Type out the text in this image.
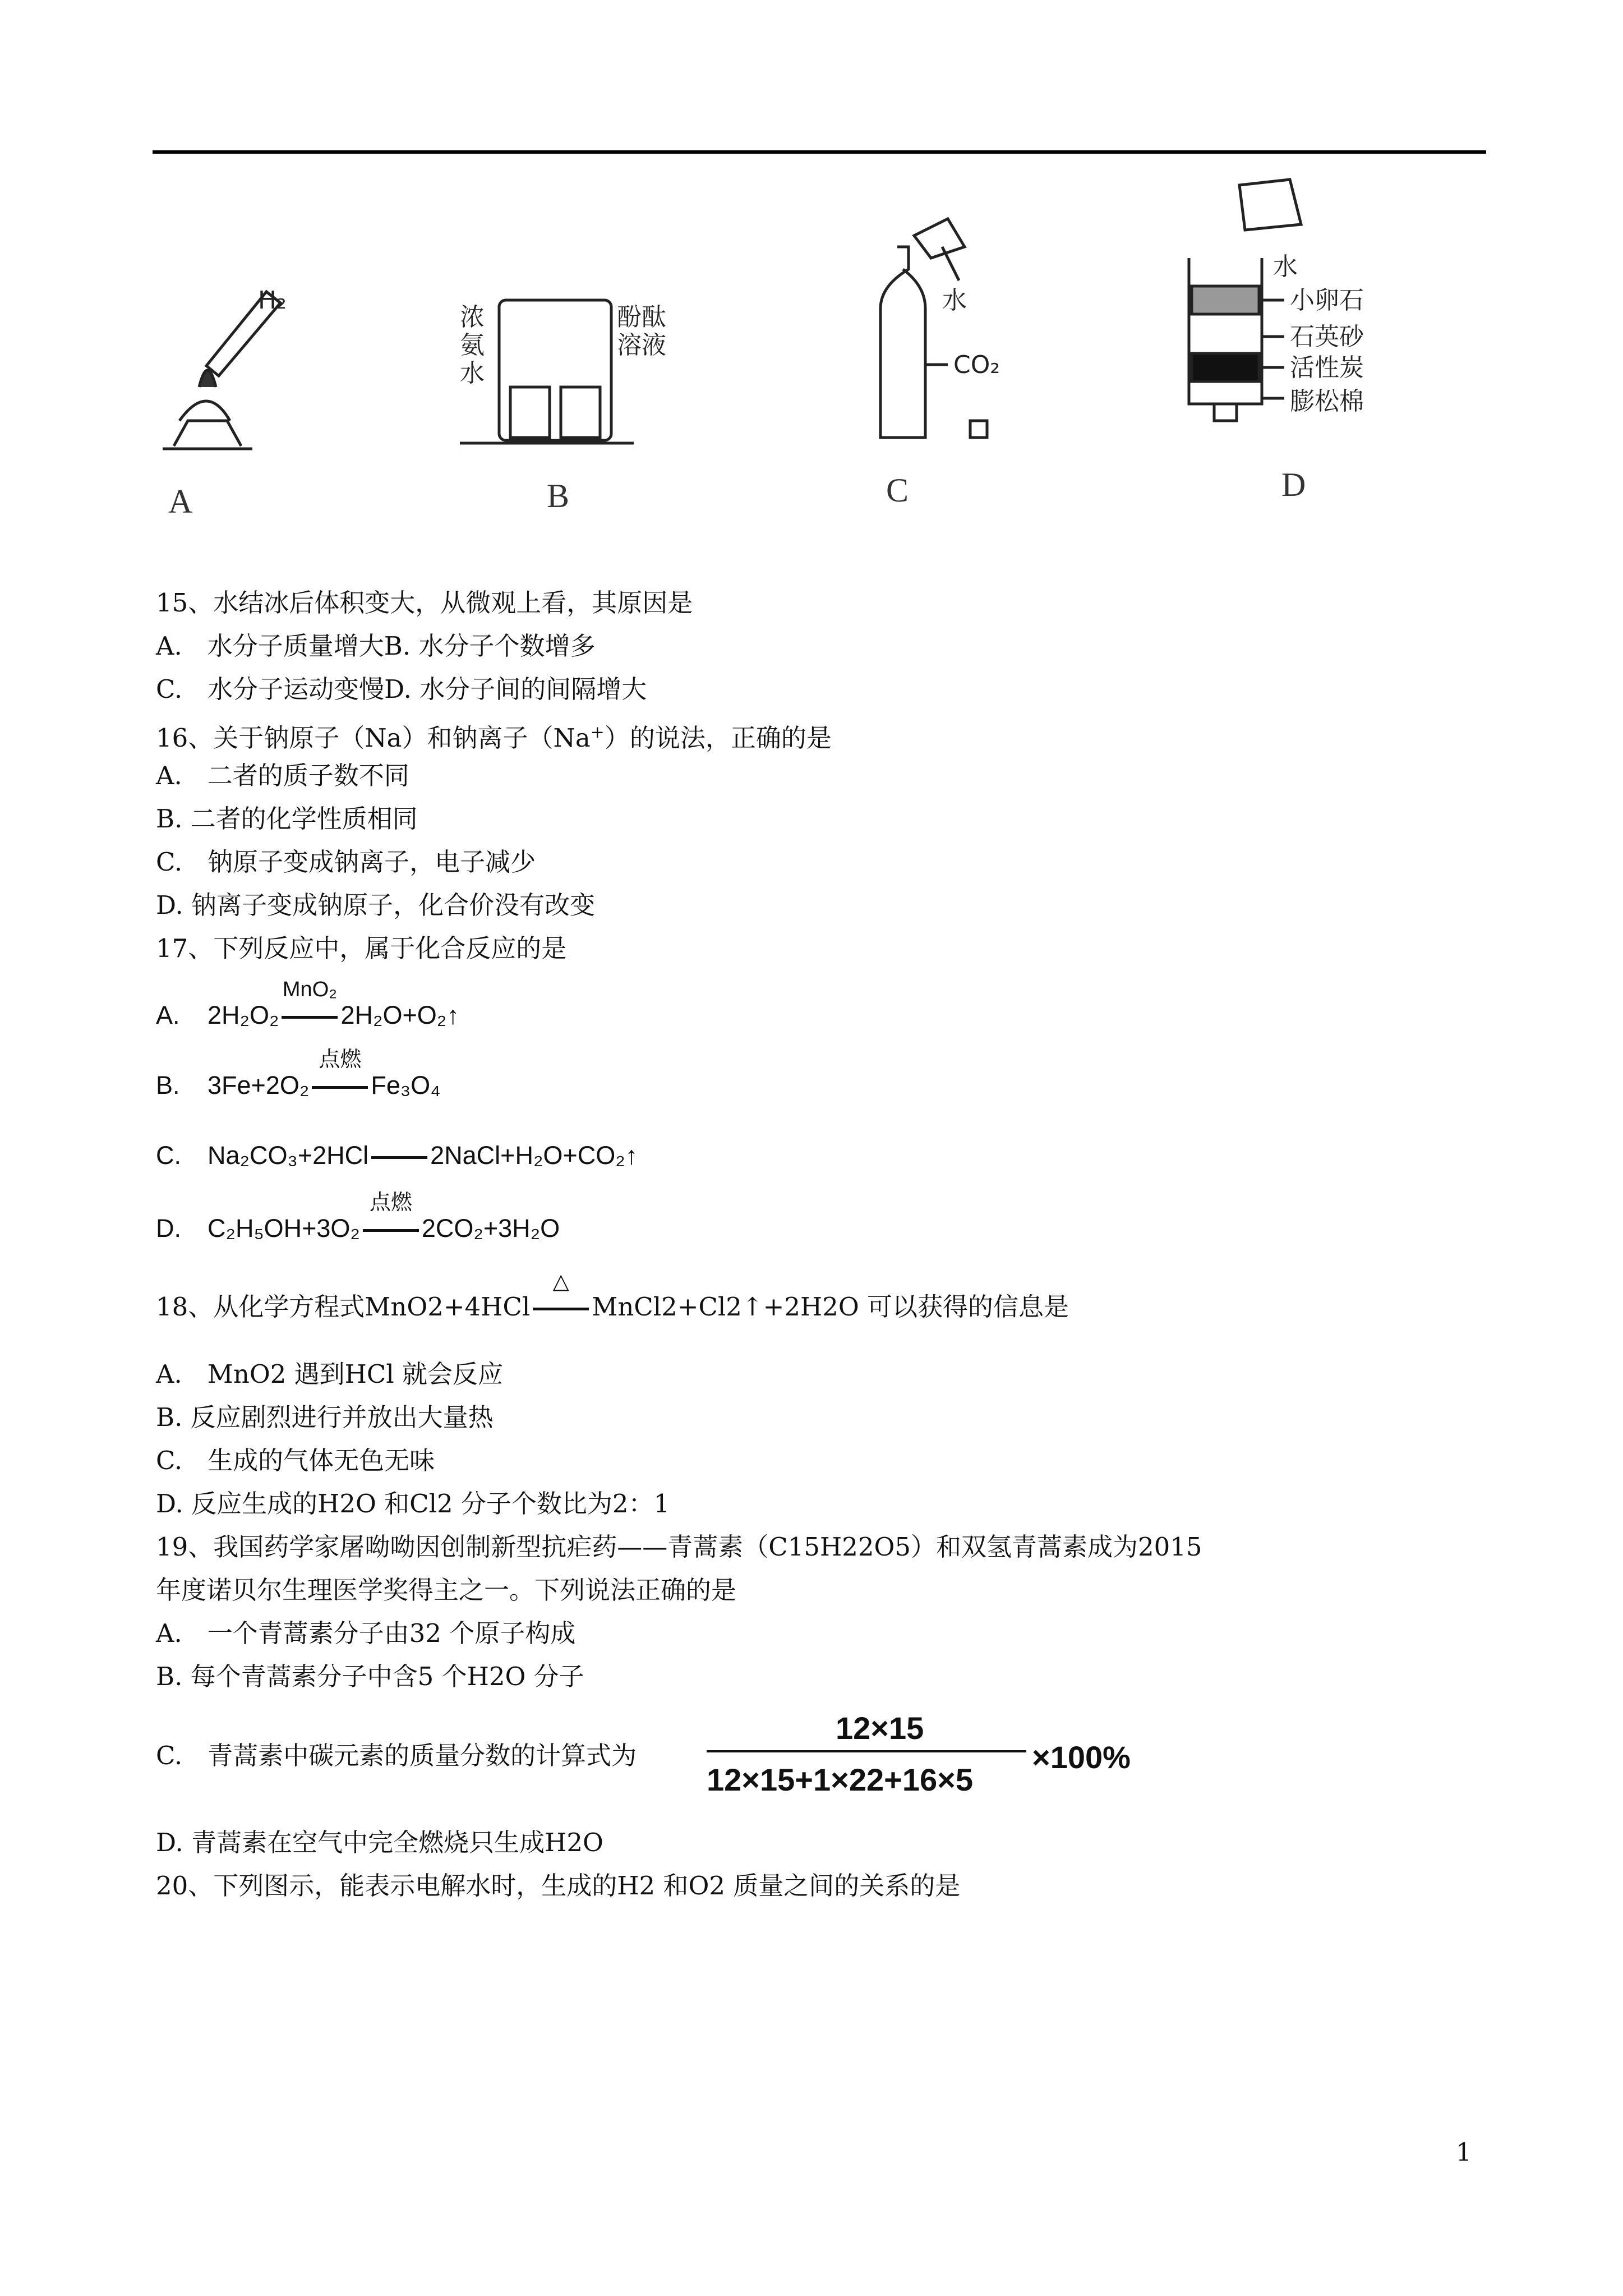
H₂
A
浓
氨
水
酚酞
溶液
B
水
CO₂
C
水
小卵石
石英砂
活性炭
膨松棉
D
15、水结冰后体积变大，从微观上看，其原因是
A.　水分子质量增大B. 水分子个数增多
C.　水分子运动变慢D. 水分子间的间隔增大
16、关于钠原子（Na）和钠离子（Na+）的说法，正确的是
A.　二者的质子数不同
B. 二者的化学性质相同
C.　钠原子变成钠离子，电子减少
D. 钠离子变成钠原子，化合价没有改变
17、下列反应中，属于化合反应的是
A. 2H₂O₂
MnO₂
2H₂O+O₂↑
B. 3Fe+2O₂
点燃
Fe₃O₄
C. Na₂CO₃+2HCl 2NaCl+H₂O+CO₂↑
D. C₂H₅OH+3O₂
点燃
2CO₂+3H₂O
18、从化学方程式MnO2+4HCl
△
MnCl2+Cl2↑+2H2O 可以获得的信息是
A.　MnO2 遇到HCl 就会反应
B. 反应剧烈进行并放出大量热
C.　生成的气体无色无味
D. 反应生成的H2O 和Cl2 分子个数比为2：1
19、我国药学家屠呦呦因创制新型抗疟药——青蒿素（C15H22O5）和双氢青蒿素成为2015
年度诺贝尔生理医学奖得主之一。下列说法正确的是
A.　一个青蒿素分子由32 个原子构成
B. 每个青蒿素分子中含5 个H2O 分子
C.　青蒿素中碳元素的质量分数的计算式为
12×15
12×15+1×22+16×5
×100%
D. 青蒿素在空气中完全燃烧只生成H2O
20、下列图示，能表示电解水时，生成的H2 和O2 质量之间的关系的是
1
